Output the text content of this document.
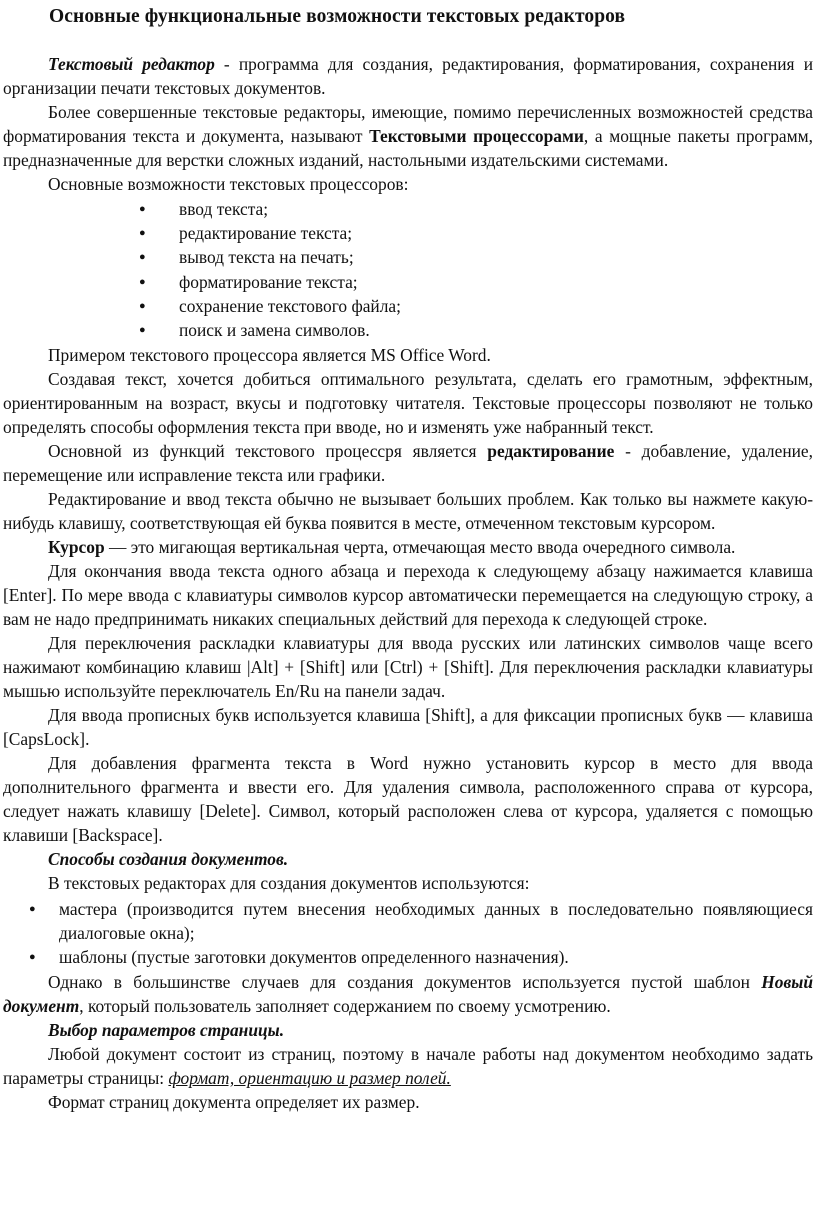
Основные функциональные возможности текстовых редакторов

Текстовый редактор - программа для создания, редактирования, форматирования, сохранения и организации печати текстовых документов.

Более совершенные текстовые редакторы, имеющие, помимо перечисленных возможностей средства форматирования текста и документа, называют Текстовыми процессорами, а мощные пакеты программ, предназначенные для верстки сложных изданий, настольными издательскими системами.

Основные возможности текстовых процессоров:

● ввод текста;
● редактирование текста;
● вывод текста на печать;
● форматирование текста;
● сохранение текстового файла;
● поиск и замена символов.

Примером текстового процессора является MS Office Word.

Создавая текст, хочется добиться оптимального результата, сделать его грамотным, эффектным, ориентированным на возраст, вкусы и подготовку читателя. Текстовые процессоры позволяют не только определять способы оформления текста при вводе, но и изменять уже набранный текст.

Основной из функций текстового процессря является редактирование - добавление, удаление, перемещение или исправление текста или графики.

Редактирование и ввод текста обычно не вызывает больших проблем. Как только вы нажмете какую-нибудь клавишу, соответствующая ей буква появится в месте, отмеченном текстовым курсором.

Курсор — это мигающая вертикальная черта, отмечающая место ввода очередного символа.

Для окончания ввода текста одного абзаца и перехода к следующему абзацу нажимается клавиша [Enter]. По мере ввода с клавиатуры символов курсор автоматически перемещается на следующую строку, а вам не надо предпринимать никаких специальных действий для перехода к следующей строке.

Для переключения раскладки клавиатуры для ввода русских или латинских символов чаще всего нажимают комбинацию клавиш |Alt] + [Shift] или [Ctrl) + [Shift]. Для переключения раскладки клавиатуры мышью используйте переключатель En/Ru на панели задач.

Для ввода прописных букв используется клавиша [Shift], а для фиксации прописных букв — клавиша [CapsLock].

Для добавления фрагмента текста в Word нужно установить курсор в место для ввода дополнительного фрагмента и ввести его. Для удаления символа, расположенного справа от курсора, следует нажать клавишу [Delete]. Символ, который расположен слева от курсора, удаляется с помощью клавиши [Backspace].

Способы создания документов.

В текстовых редакторах для создания документов используются:

● мастера (производится путем внесения необходимых данных в последовательно появляющиеся диалоговые окна);
● шаблоны (пустые заготовки документов определенного назначения).

Однако в большинстве случаев для создания документов используется пустой шаблон Новый документ, который пользователь заполняет содержанием по своему усмотрению.

Выбор параметров страницы.

Любой документ состоит из страниц, поэтому в начале работы над документом необходимо задать параметры страницы: формат, ориентацию и размер полей.

Формат страниц документа определяет их размер.
